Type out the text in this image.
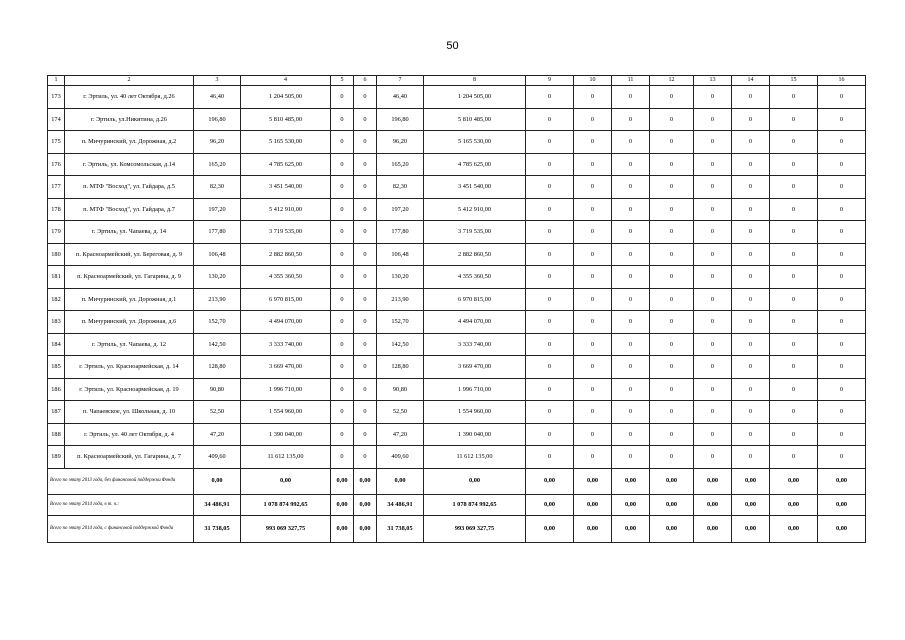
50
1	2	3	4	5	6	7	8	9	10	11	12	13	14	15	16
173	г. Эртиль, ул. 40 лет Октября, д.26	46,40	1 204 505,00	0	0	46,40	1 204 505,00	0	0	0	0	0	0	0	0
174	г. Эртиль, ул.Никитина, д.26	196,80	5 810 485,00	0	0	196,80	5 810 485,00	0	0	0	0	0	0	0	0
175	п. Мичуринский, ул. Дорожная, д.2	96,20	5 165 530,00	0	0	96,20	5 165 530,00	0	0	0	0	0	0	0	0
176	г. Эртиль, ул. Комсомольская, д.14	165,20	4 785 625,00	0	0	165,20	4 785 625,00	0	0	0	0	0	0	0	0
177	п. МТФ "Восход", ул. Гайдара, д.5	82,30	3 451 540,00	0	0	82,30	3 451 540,00	0	0	0	0	0	0	0	0
178	п. МТФ "Восход", ул. Гайдара, д.7	197,20	5 412 910,00	0	0	197,20	5 412 910,00	0	0	0	0	0	0	0	0
179	г. Эртиль, ул. Чапаева, д. 14	177,80	3 719 535,00	0	0	177,80	3 719 535,00	0	0	0	0	0	0	0	0
180	п. Красноармейский, ул. Береговая, д. 9	106,48	2 882 860,50	0	0	106,48	2 882 860,50	0	0	0	0	0	0	0	0
181	п. Красноармейский, ул. Гагарина, д. 9	130,20	4 355 360,50	0	0	130,20	4 355 360,50	0	0	0	0	0	0	0	0
182	п. Мичуринский, ул. Дорожная, д.1	213,90	6 970 815,00	0	0	213,90	6 970 815,00	0	0	0	0	0	0	0	0
183	п. Мичуринский, ул. Дорожная, д.6	152,70	4 494 070,00	0	0	152,70	4 494 070,00	0	0	0	0	0	0	0	0
184	г. Эртиль, ул. Чапаева, д. 12	142,50	3 333 740,00	0	0	142,50	3 333 740,00	0	0	0	0	0	0	0	0
185	г. Эртиль, ул. Красноармейская, д. 14	128,80	3 669 470,00	0	0	128,80	3 669 470,00	0	0	0	0	0	0	0	0
186	г. Эртиль, ул. Красноармейская, д. 19	90,80	1 996 710,00	0	0	90,80	1 996 710,00	0	0	0	0	0	0	0	0
187	п. Чапаевское, ул. Школьная, д. 10	52,50	1 554 960,00	0	0	52,50	1 554 960,00	0	0	0	0	0	0	0	0
188	г. Эртиль, ул. 40 лет Октября, д. 4	47,20	1 390 040,00	0	0	47,20	1 390 040,00	0	0	0	0	0	0	0	0
189	п. Красноармейский, ул. Гагарина, д. 7	409,60	11 612 135,00	0	0	409,60	11 612 135,00	0	0	0	0	0	0	0	0
Всего по этапу 2013 года, без финансовой поддержки Фонда		0,00	0,00	0,00	0,00	0,00	0,00	0,00	0,00	0,00	0,00	0,00	0,00	0,00	0,00
Всего по этапу 2014 года, в т. ч.:		34 486,91	1 078 874 992,65	0,00	0,00	34 486,91	1 078 874 992,65	0,00	0,00	0,00	0,00	0,00	0,00	0,00	0,00
Всего по этапу 2014 года, с финансовой поддержкой Фонда		31 738,05	993 069 327,75	0,00	0,00	31 738,05	993 069 327,75	0,00	0,00	0,00	0,00	0,00	0,00	0,00	0,00
